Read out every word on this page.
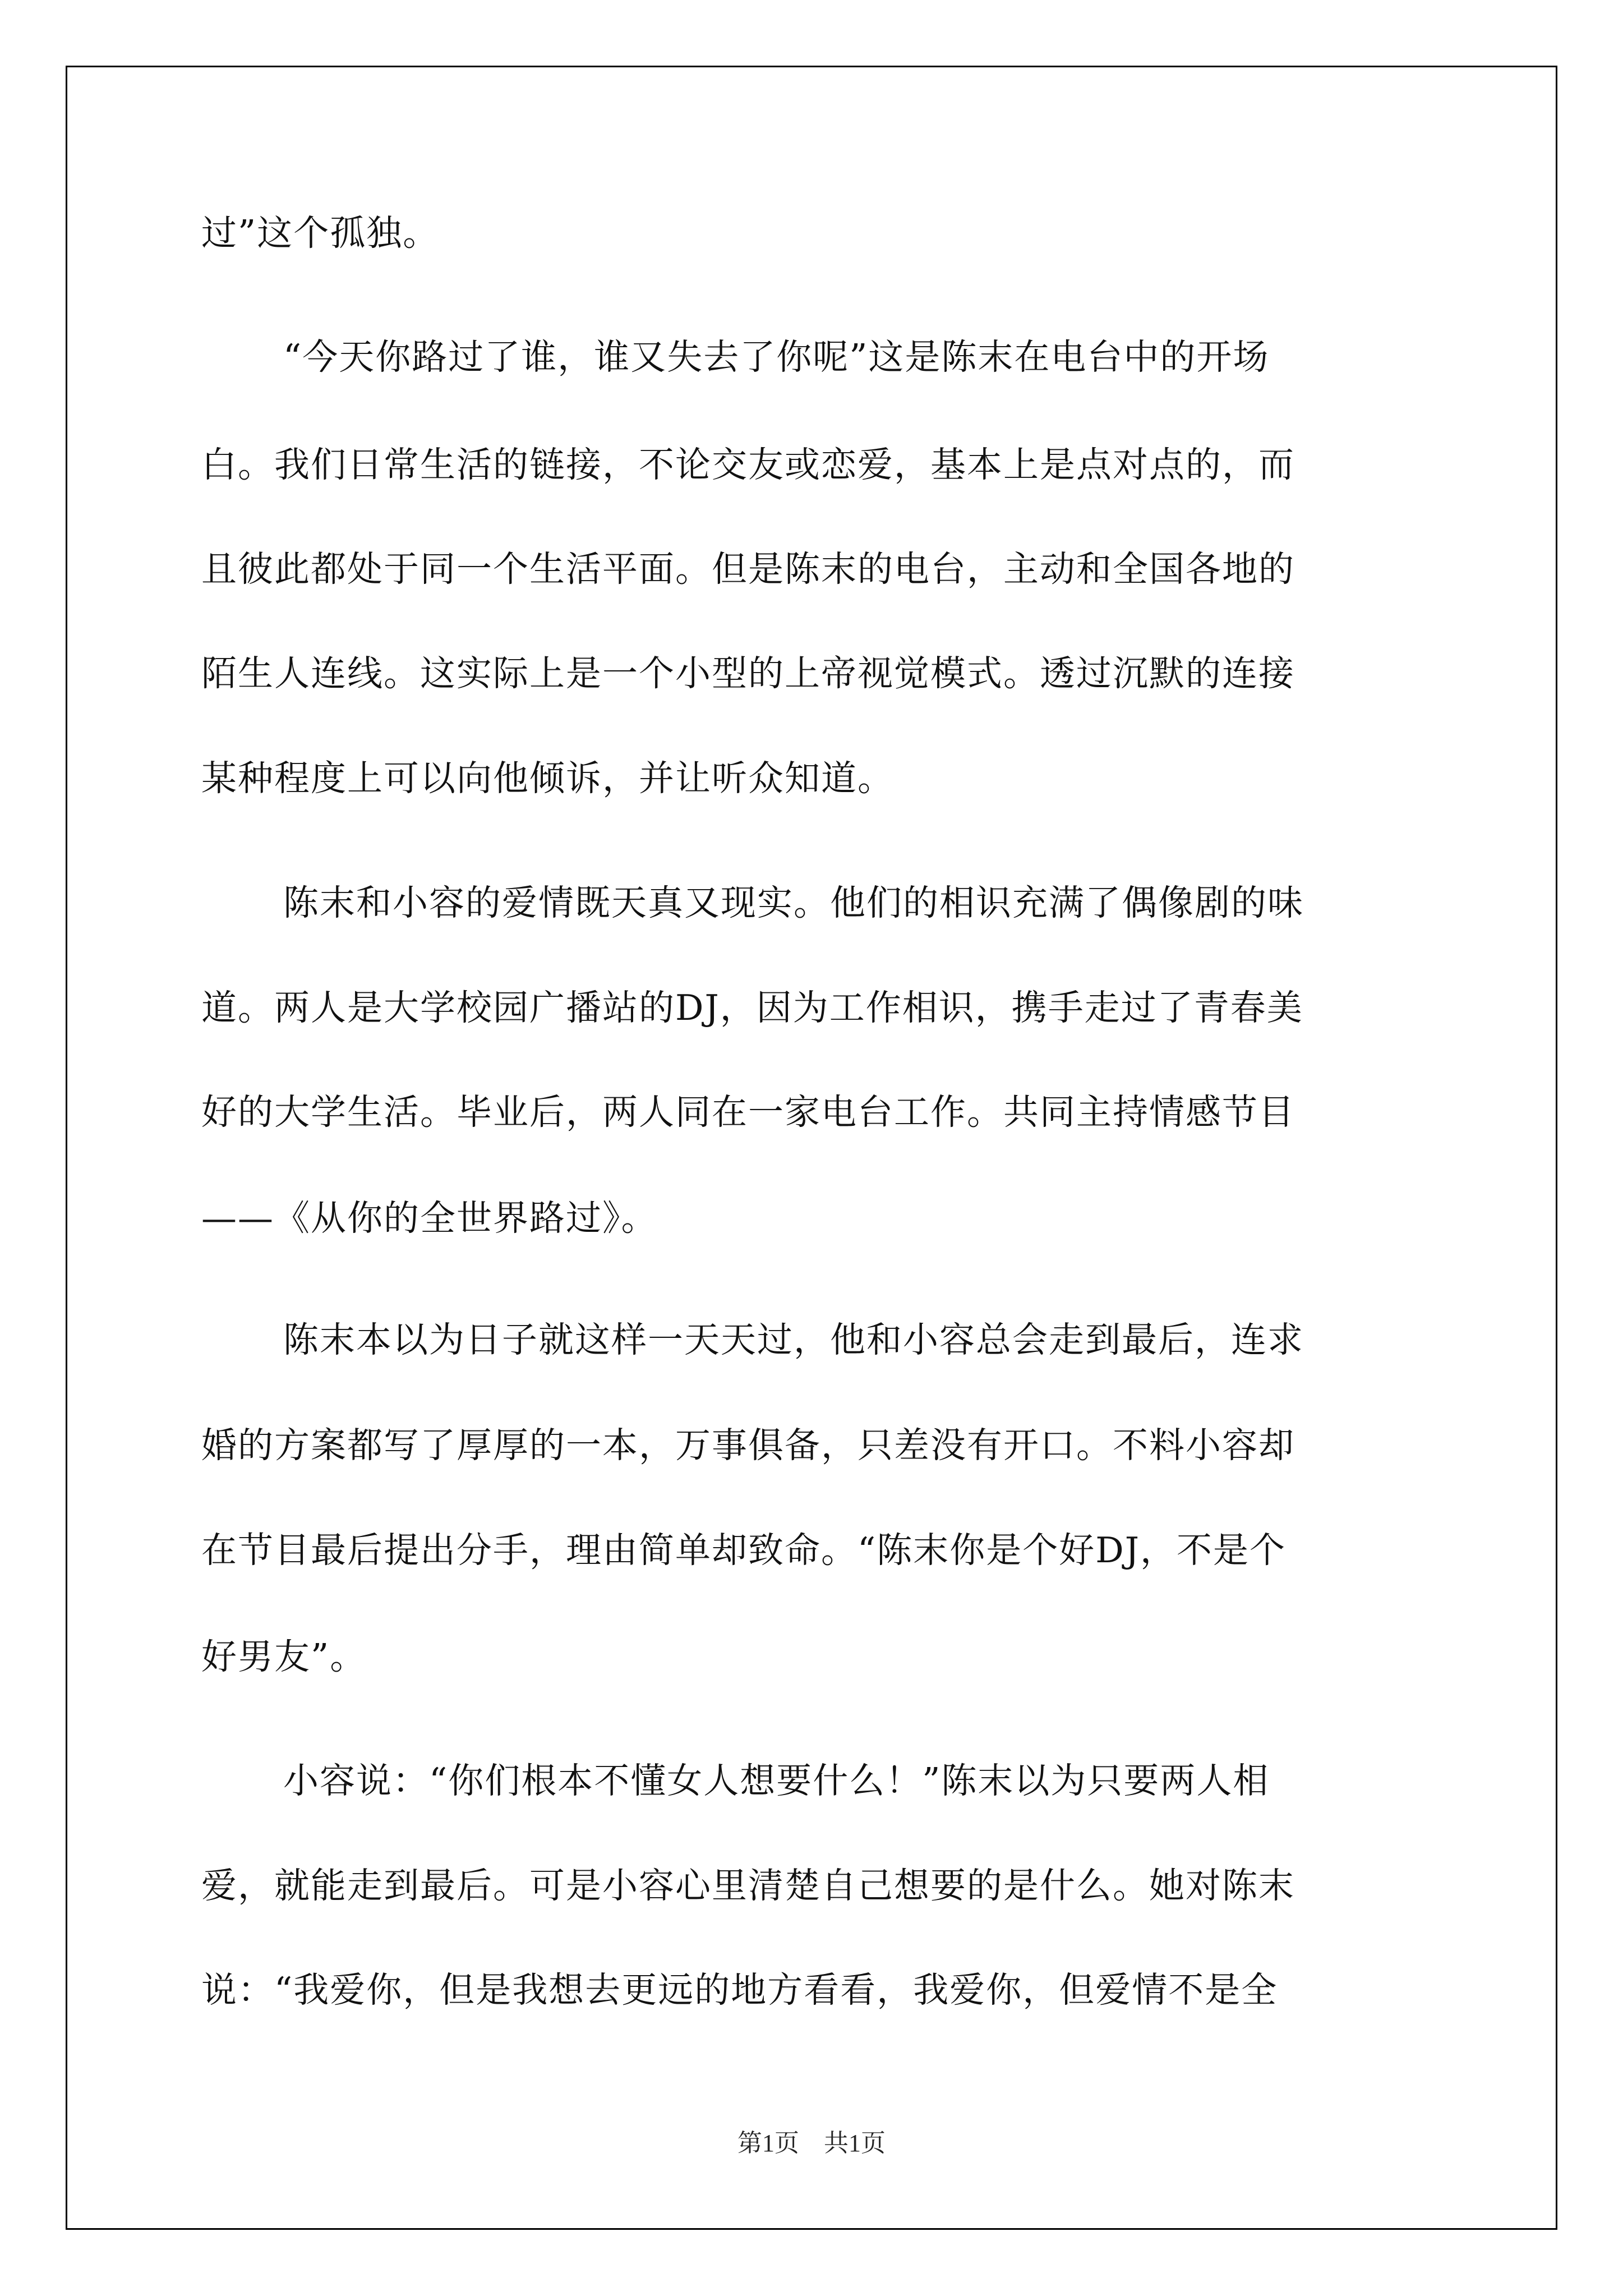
过”这个孤独。
“今天你路过了谁，谁又失去了你呢”这是陈末在电台中的开场
白。我们日常生活的链接，不论交友或恋爱，基本上是点对点的，而
且彼此都处于同一个生活平面。但是陈末的电台，主动和全国各地的
陌生人连线。这实际上是一个小型的上帝视觉模式。透过沉默的连接
某种程度上可以向他倾诉，并让听众知道。
陈末和小容的爱情既天真又现实。他们的相识充满了偶像剧的味
道。两人是大学校园广播站的DJ，因为工作相识，携手走过了青春美
好的大学生活。毕业后，两人同在一家电台工作。共同主持情感节目
——《从你的全世界路过》。
陈末本以为日子就这样一天天过，他和小容总会走到最后，连求
婚的方案都写了厚厚的一本，万事俱备，只差没有开口。不料小容却
在节目最后提出分手，理由简单却致命。“陈末你是个好DJ，不是个
好男友”。
小容说：“你们根本不懂女人想要什么！”陈末以为只要两人相
爱，就能走到最后。可是小容心里清楚自己想要的是什么。她对陈末
说：“我爱你，但是我想去更远的地方看看，我爱你，但爱情不是全
第1页　共1页
